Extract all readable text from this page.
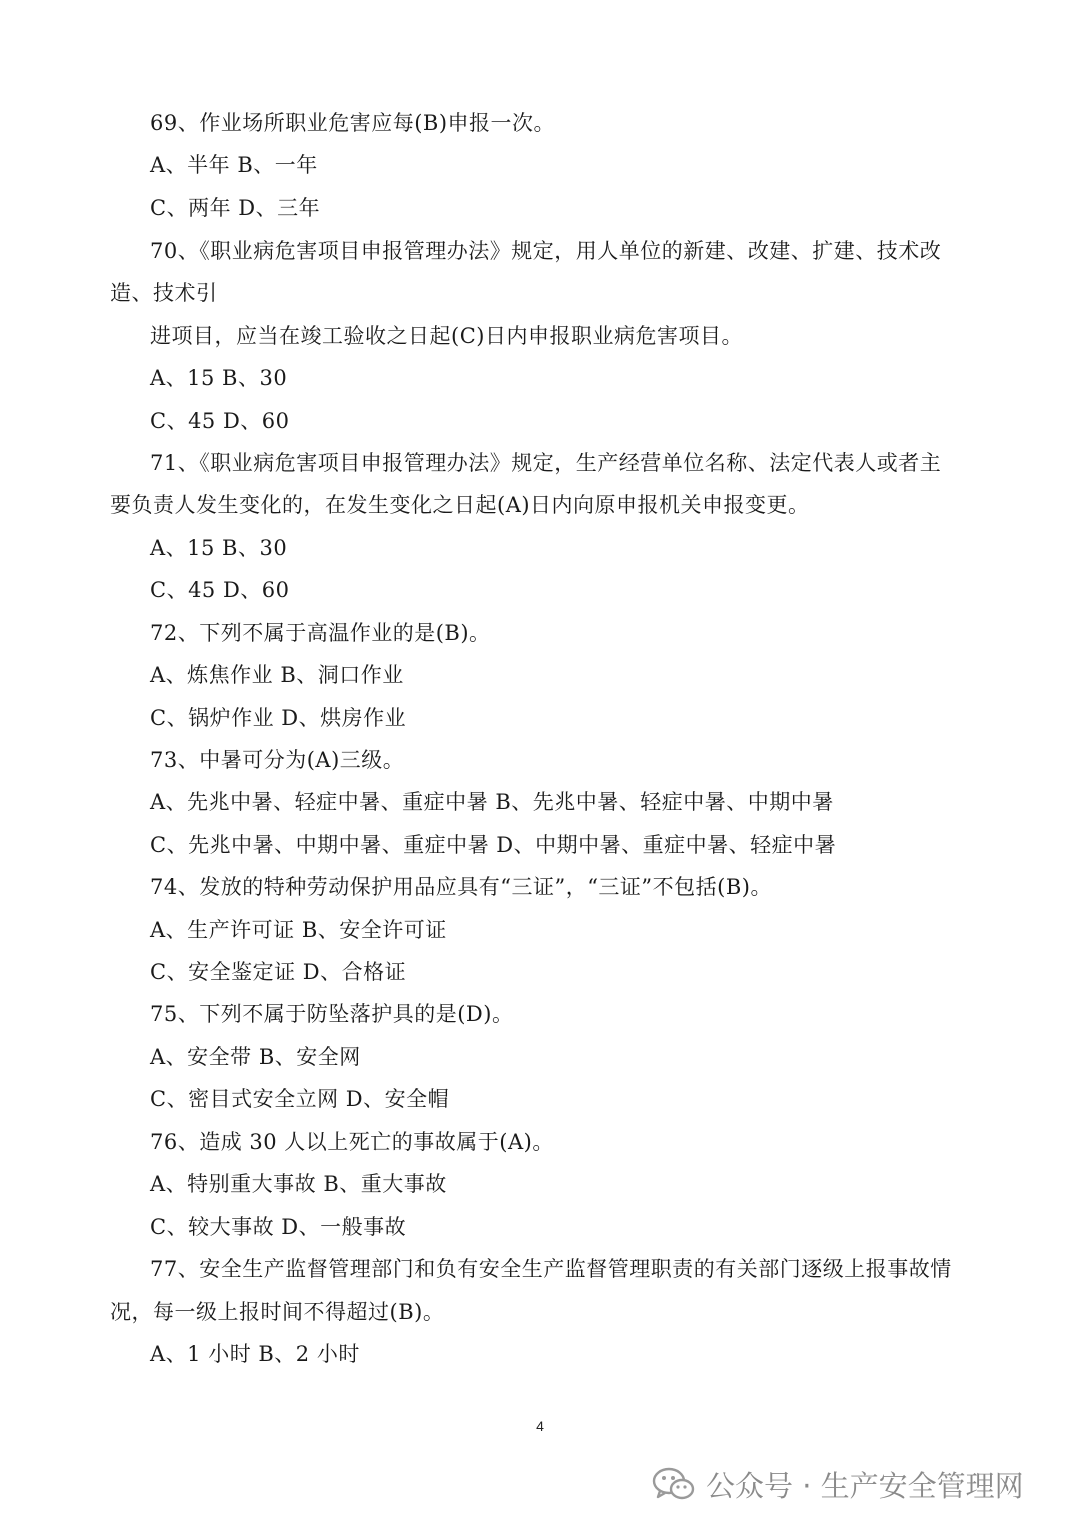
69、作业场所职业危害应每(B)申报一次。
A、半年 B、一年
C、两年 D、三年
70、《职业病危害项目申报管理办法》规定，用人单位的新建、改建、扩建、技术改
造、技术引
进项目，应当在竣工验收之日起(C)日内申报职业病危害项目。
A、15 B、30
C、45 D、60
71、《职业病危害项目申报管理办法》规定，生产经营单位名称、法定代表人或者主
要负责人发生变化的，在发生变化之日起(A)日内向原申报机关申报变更。
A、15 B、30
C、45 D、60
72、下列不属于高温作业的是(B)。
A、炼焦作业 B、洞口作业
C、锅炉作业 D、烘房作业
73、中暑可分为(A)三级。
A、先兆中暑、轻症中暑、重症中暑 B、先兆中暑、轻症中暑、中期中暑
C、先兆中暑、中期中暑、重症中暑 D、中期中暑、重症中暑、轻症中暑
74、发放的特种劳动保护用品应具有“三证”，“三证”不包括(B)。
A、生产许可证 B、安全许可证
C、安全鉴定证 D、合格证
75、下列不属于防坠落护具的是(D)。
A、安全带 B、安全网
C、密目式安全立网 D、安全帽
76、造成 30 人以上死亡的事故属于(A)。
A、特别重大事故 B、重大事故
C、较大事故 D、一般事故
77、安全生产监督管理部门和负有安全生产监督管理职责的有关部门逐级上报事故情
况，每一级上报时间不得超过(B)。
A、1 小时 B、2 小时
4
公众号 · 生产安全管理网
